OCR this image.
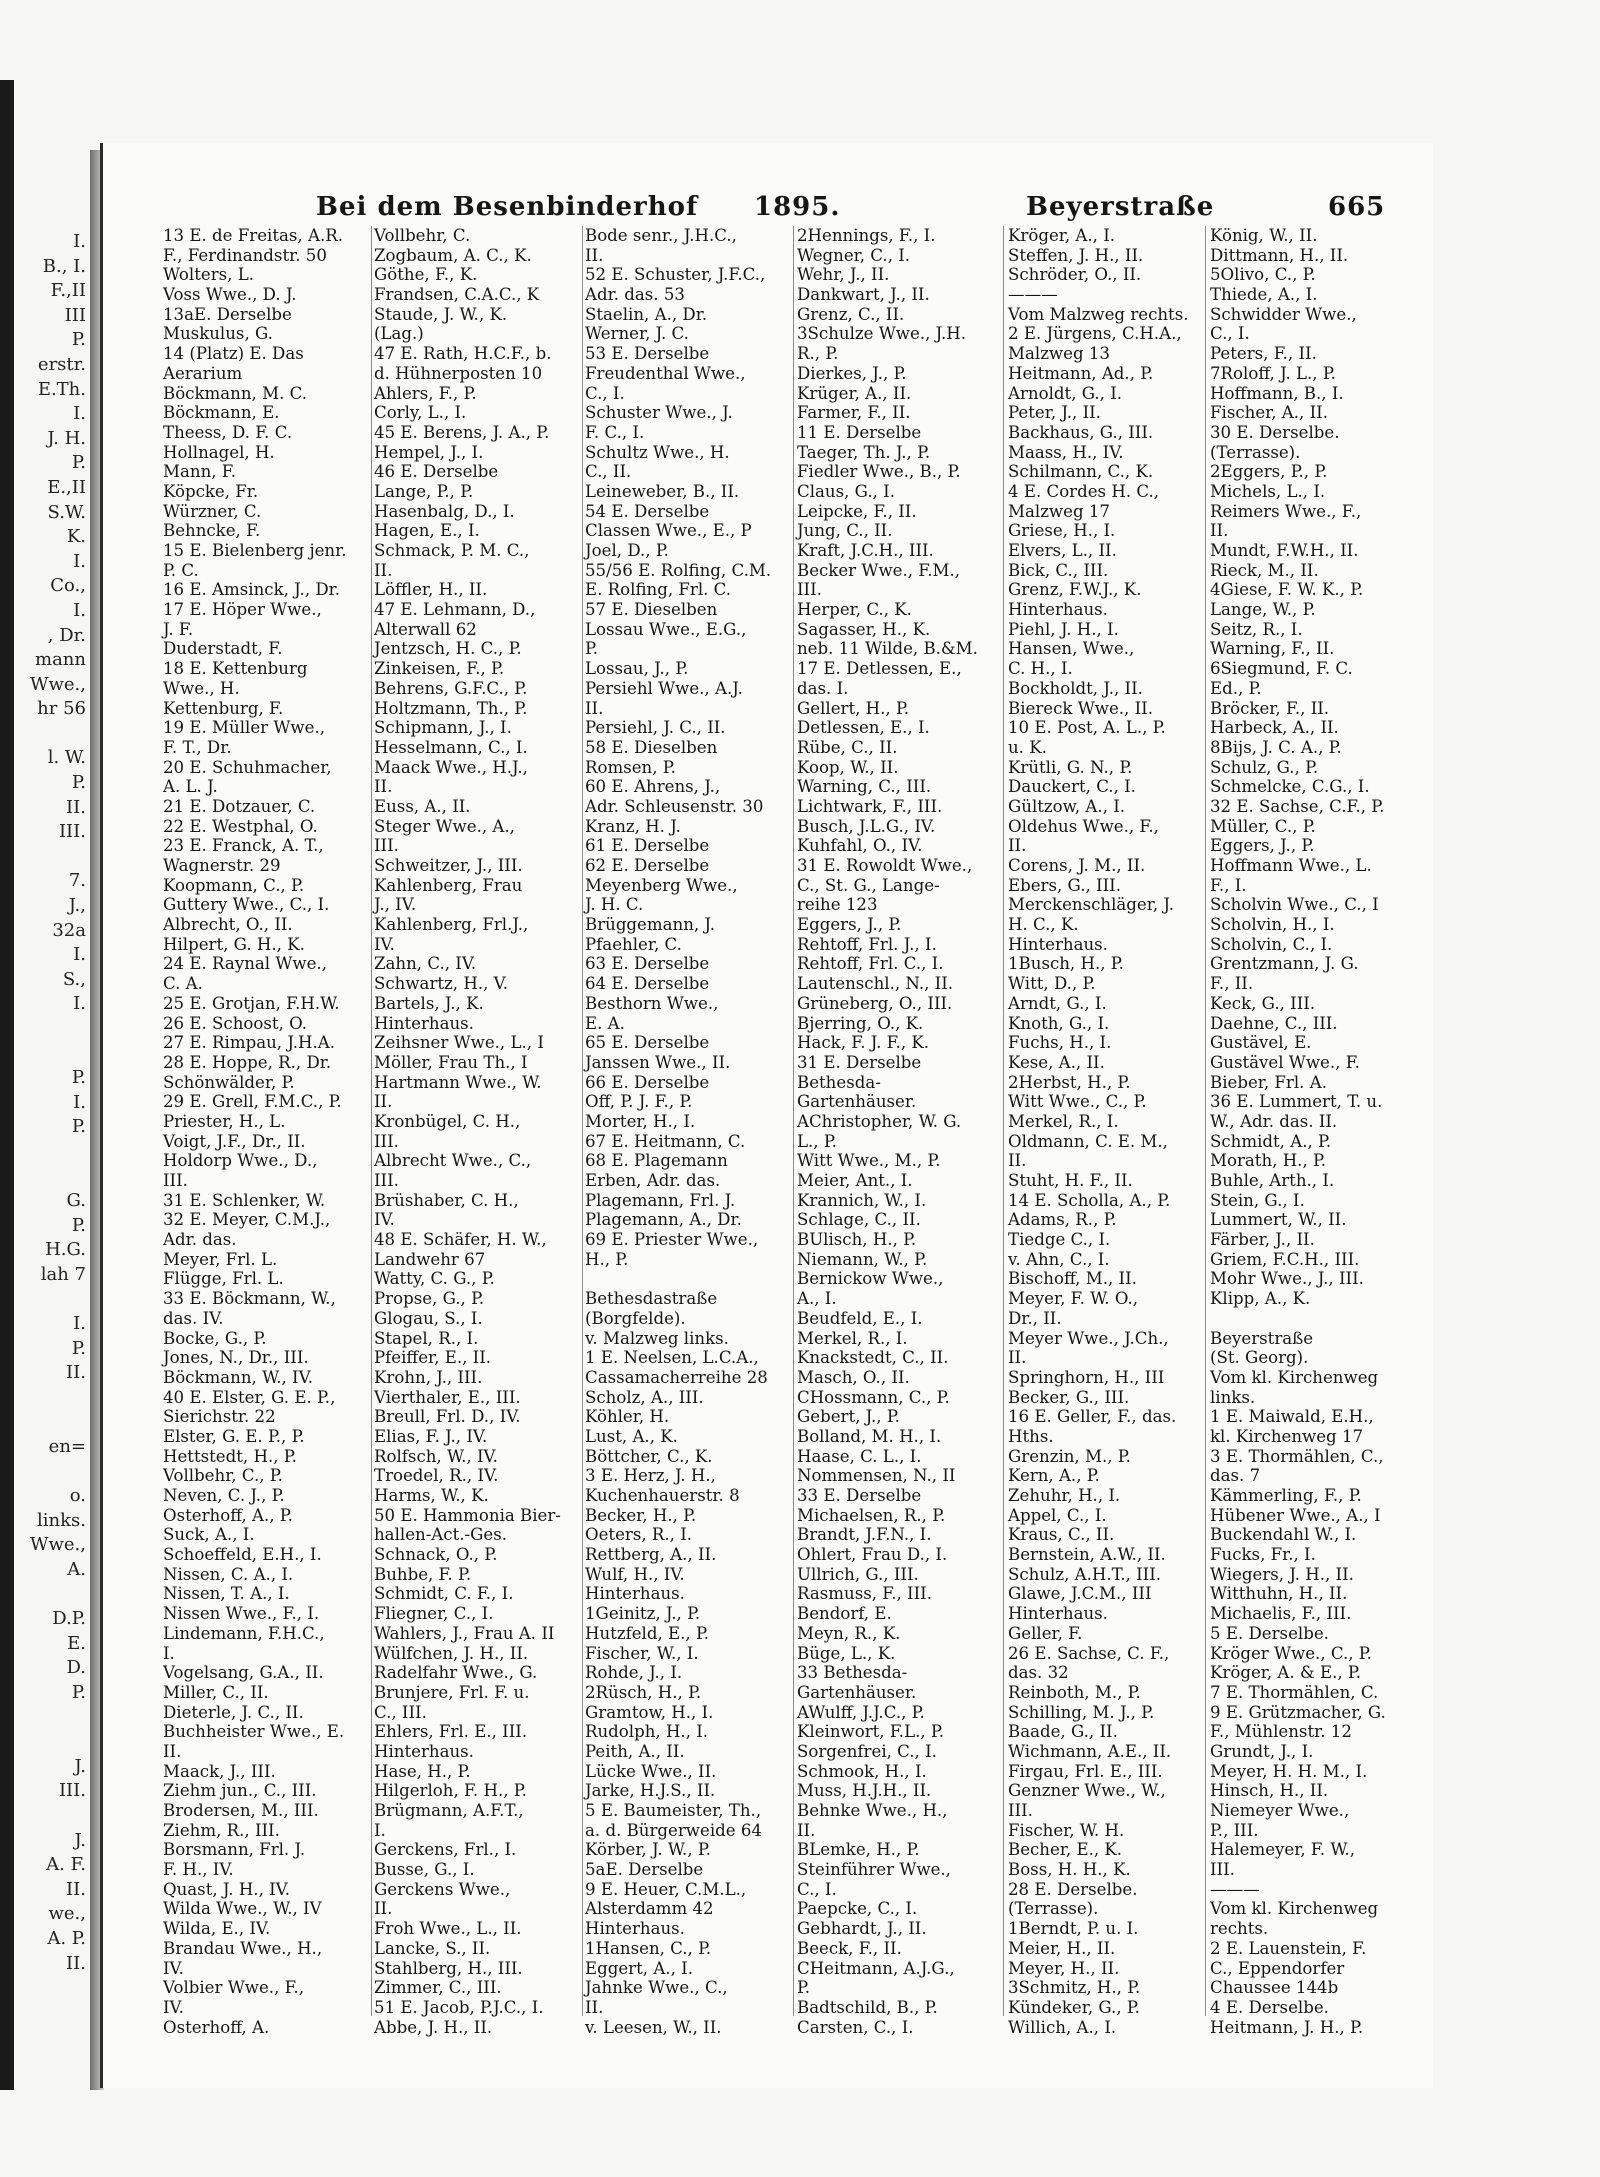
I.
B., I.
F.,II
III
P.
erstr.
E.Th.
I.
J. H.
P.
E.,II
S.W.
K.
I.
Co.,
I.
, Dr.
mann
Wwe.,
hr 56
l. W.
P.
II.
III.
7.
J.,
32a
I.
S.,
I.
P.
I.
P.
G.
P.
H.G.
lah 7
I.
P.
II.
en=
o.
links.
Wwe.,
A.
D.P.
E.
D.
P.
J.
III.
J.
A. F.
II.
we.,
A. P.
II.
Bei dem Besenbinderhof 1895.	Beyerstraße	665
13 E. de Freitas, A.R.
F., Ferdinandstr. 50
Wolters, L.
Voss Wwe., D. J.
13aE. Derselbe
Muskulus, G.
14 (Platz) E. Das
Aerarium
Böckmann, M. C.
Böckmann, E.
Theess, D. F. C.
Hollnagel, H.
Mann, F.
Köpcke, Fr.
Würzner, C.
Behncke, F.
15 E. Bielenberg jenr.
P. C.
16 E. Amsinck, J., Dr.
17 E. Höper Wwe.,
J. F.
Duderstadt, F.
18 E. Kettenburg
Wwe., H.
Kettenburg, F.
19 E. Müller Wwe.,
F. T., Dr.
20 E. Schuhmacher,
A. L. J.
21 E. Dotzauer, C.
22 E. Westphal, O.
23 E. Franck, A. T.,
Wagnerstr. 29
Koopmann, C., P.
Guttery Wwe., C., I.
Albrecht, O., II.
Hilpert, G. H., K.
24 E. Raynal Wwe.,
C. A.
25 E. Grotjan, F.H.W.
26 E. Schoost, O.
27 E. Rimpau, J.H.A.
28 E. Hoppe, R., Dr.
Schönwälder, P.
29 E. Grell, F.M.C., P.
Priester, H., L.
Voigt, J.F., Dr., II.
Holdorp Wwe., D.,
III.
31 E. Schlenker, W.
32 E. Meyer, C.M.J.,
Adr. das.
Meyer, Frl. L.
Flügge, Frl. L.
33 E. Böckmann, W.,
das. IV.
Bocke, G., P.
Jones, N., Dr., III.
Böckmann, W., IV.
40 E. Elster, G. E. P.,
Sierichstr. 22
Elster, G. E. P., P.
Hettstedt, H., P.
Vollbehr, C., P.
Neven, C. J., P.
Osterhoff, A., P.
Suck, A., I.
Schoeffeld, E.H., I.
Nissen, C. A., I.
Nissen, T. A., I.
Nissen Wwe., F., I.
Lindemann, F.H.C.,
I.
Vogelsang, G.A., II.
Miller, C., II.
Dieterle, J. C., II.
Buchheister Wwe., E.
II.
Maack, J., III.
Ziehm jun., C., III.
Brodersen, M., III.
Ziehm, R., III.
Borsmann, Frl. J.
F. H., IV.
Quast, J. H., IV.
Wilda Wwe., W., IV
Wilda, E., IV.
Brandau Wwe., H.,
IV.
Volbier Wwe., F.,
IV.
Osterhoff, A.
Vollbehr, C.
Zogbaum, A. C., K.
Göthe, F., K.
Frandsen, C.A.C., K
Staude, J. W., K.
(Lag.)
47 E. Rath, H.C.F., b.
d. Hühnerposten 10
Ahlers, F., P.
Corly, L., I.
45 E. Berens, J. A., P.
Hempel, J., I.
46 E. Derselbe
Lange, P., P.
Hasenbalg, D., I.
Hagen, E., I.
Schmack, P. M. C.,
II.
Löffler, H., II.
47 E. Lehmann, D.,
Alterwall 62
Jentzsch, H. C., P.
Zinkeisen, F., P.
Behrens, G.F.C., P.
Holtzmann, Th., P.
Schipmann, J., I.
Hesselmann, C., I.
Maack Wwe., H.J.,
II.
Euss, A., II.
Steger Wwe., A.,
III.
Schweitzer, J., III.
Kahlenberg, Frau
J., IV.
Kahlenberg, Frl.J.,
IV.
Zahn, C., IV.
Schwartz, H., V.
Bartels, J., K.
Hinterhaus.
Zeihsner Wwe., L., I
Möller, Frau Th., I
Hartmann Wwe., W.
II.
Kronbügel, C. H.,
III.
Albrecht Wwe., C.,
III.
Brüshaber, C. H.,
IV.
48 E. Schäfer, H. W.,
Landwehr 67
Watty, C. G., P.
Propse, G., P.
Glogau, S., I.
Stapel, R., I.
Pfeiffer, E., II.
Krohn, J., III.
Vierthaler, E., III.
Breull, Frl. D., IV.
Elias, F. J., IV.
Rolfsch, W., IV.
Troedel, R., IV.
Harms, W., K.
50 E. Hammonia Bier-
hallen-Act.-Ges.
Schnack, O., P.
Buhbe, F. P.
Schmidt, C. F., I.
Fliegner, C., I.
Wahlers, J., Frau A. II
Wülfchen, J. H., II.
Radelfahr Wwe., G.
Brunjere, Frl. F. u.
C., III.
Ehlers, Frl. E., III.
Hinterhaus.
Hase, H., P.
Hilgerloh, F. H., P.
Brügmann, A.F.T.,
I.
Gerckens, Frl., I.
Busse, G., I.
Gerckens Wwe.,
II.
Froh Wwe., L., II.
Lancke, S., II.
Stahlberg, H., III.
Zimmer, C., III.
51 E. Jacob, P.J.C., I.
Abbe, J. H., II.
Bode senr., J.H.C.,
II.
52 E. Schuster, J.F.C.,
Adr. das. 53
Staelin, A., Dr.
Werner, J. C.
53 E. Derselbe
Freudenthal Wwe.,
C., I.
Schuster Wwe., J.
F. C., I.
Schultz Wwe., H.
C., II.
Leineweber, B., II.
54 E. Derselbe
Classen Wwe., E., P
Joel, D., P.
55/56 E. Rolfing, C.M.
E. Rolfing, Frl. C.
57 E. Dieselben
Lossau Wwe., E.G.,
P.
Lossau, J., P.
Persiehl Wwe., A.J.
II.
Persiehl, J. C., II.
58 E. Dieselben
Romsen, P.
60 E. Ahrens, J.,
Adr. Schleusenstr. 30
Kranz, H. J.
61 E. Derselbe
62 E. Derselbe
Meyenberg Wwe.,
J. H. C.
Brüggemann, J.
Pfaehler, C.
63 E. Derselbe
64 E. Derselbe
Besthorn Wwe.,
E. A.
65 E. Derselbe
Janssen Wwe., II.
66 E. Derselbe
Off, P. J. F., P.
Morter, H., I.
67 E. Heitmann, C.
68 E. Plagemann
Erben, Adr. das.
Plagemann, Frl. J.
Plagemann, A., Dr.
69 E. Priester Wwe.,
H., P.
Bethesdastraße
(Borgfelde).
v. Malzweg links.
1 E. Neelsen, L.C.A.,
Cassamacherreihe 28
Scholz, A., III.
Köhler, H.
Lust, A., K.
Böttcher, C., K.
3 E. Herz, J. H.,
Kuchenhauerstr. 8
Becker, H., P.
Oeters, R., I.
Rettberg, A., II.
Wulf, H., IV.
Hinterhaus.
1Geinitz, J., P.
Hutzfeld, E., P.
Fischer, W., I.
Rohde, J., I.
2Rüsch, H., P.
Gramtow, H., I.
Rudolph, H., I.
Peith, A., II.
Lücke Wwe., II.
Jarke, H.J.S., II.
5 E. Baumeister, Th.,
a. d. Bürgerweide 64
Körber, J. W., P.
5aE. Derselbe
9 E. Heuer, C.M.L.,
Alsterdamm 42
Hinterhaus.
1Hansen, C., P.
Eggert, A., I.
Jahnke Wwe., C.,
II.
v. Leesen, W., II.
2Hennings, F., I.
Wegner, C., I.
Wehr, J., II.
Dankwart, J., II.
Grenz, C., II.
3Schulze Wwe., J.H.
R., P.
Dierkes, J., P.
Krüger, A., II.
Farmer, F., II.
11 E. Derselbe
Taeger, Th. J., P.
Fiedler Wwe., B., P.
Claus, G., I.
Leipcke, F., II.
Jung, C., II.
Kraft, J.C.H., III.
Becker Wwe., F.M.,
III.
Herper, C., K.
Sagasser, H., K.
neb. 11 Wilde, B.&M.
17 E. Detlessen, E.,
das. I.
Gellert, H., P.
Detlessen, E., I.
Rübe, C., II.
Koop, W., II.
Warning, C., III.
Lichtwark, F., III.
Busch, J.L.G., IV.
Kuhfahl, O., IV.
31 E. Rowoldt Wwe.,
C., St. G., Lange-
reihe 123
Eggers, J., P.
Rehtoff, Frl. J., I.
Rehtoff, Frl. C., I.
Lautenschl., N., II.
Grüneberg, O., III.
Bjerring, O., K.
Hack, F. J. F., K.
31 E. Derselbe
Bethesda-
Gartenhäuser.
AChristopher, W. G.
L., P.
Witt Wwe., M., P.
Meier, Ant., I.
Krannich, W., I.
Schlage, C., II.
BUlisch, H., P.
Niemann, W., P.
Bernickow Wwe.,
A., I.
Beudfeld, E., I.
Merkel, R., I.
Knackstedt, C., II.
Masch, O., II.
CHossmann, C., P.
Gebert, J., P.
Bolland, M. H., I.
Haase, C. L., I.
Nommensen, N., II
33 E. Derselbe
Michaelsen, R., P.
Brandt, J.F.N., I.
Ohlert, Frau D., I.
Ullrich, G., III.
Rasmuss, F., III.
Bendorf, E.
Meyn, R., K.
Büge, L., K.
33 Bethesda-
Gartenhäuser.
AWulff, J.J.C., P.
Kleinwort, F.L., P.
Sorgenfrei, C., I.
Schmook, H., I.
Muss, H.J.H., II.
Behnke Wwe., H.,
II.
BLemke, H., P.
Steinführer Wwe.,
C., I.
Paepcke, C., I.
Gebhardt, J., II.
Beeck, F., II.
CHeitmann, A.J.G.,
P.
Badtschild, B., P.
Carsten, C., I.
Kröger, A., I.
Steffen, J. H., II.
Schröder, O., II.
———
Vom Malzweg rechts.
2 E. Jürgens, C.H.A.,
Malzweg 13
Heitmann, Ad., P.
Arnoldt, G., I.
Peter, J., II.
Backhaus, G., III.
Maass, H., IV.
Schilmann, C., K.
4 E. Cordes H. C.,
Malzweg 17
Griese, H., I.
Elvers, L., II.
Bick, C., III.
Grenz, F.W.J., K.
Hinterhaus.
Piehl, J. H., I.
Hansen, Wwe.,
C. H., I.
Bockholdt, J., II.
Biereck Wwe., II.
10 E. Post, A. L., P.
u. K.
Krütli, G. N., P.
Dauckert, C., I.
Gültzow, A., I.
Oldehus Wwe., F.,
II.
Corens, J. M., II.
Ebers, G., III.
Merckenschläger, J.
H. C., K.
Hinterhaus.
1Busch, H., P.
Witt, D., P.
Arndt, G., I.
Knoth, G., I.
Fuchs, H., I.
Kese, A., II.
2Herbst, H., P.
Witt Wwe., C., P.
Merkel, R., I.
Oldmann, C. E. M.,
II.
Stuht, H. F., II.
14 E. Scholla, A., P.
Adams, R., P.
Tiedge C., I.
v. Ahn, C., I.
Bischoff, M., II.
Meyer, F. W. O.,
Dr., II.
Meyer Wwe., J.Ch.,
II.
Springhorn, H., III
Becker, G., III.
16 E. Geller, F., das.
Hths.
Grenzin, M., P.
Kern, A., P.
Zehuhr, H., I.
Appel, C., I.
Kraus, C., II.
Bernstein, A.W., II.
Schulz, A.H.T., III.
Glawe, J.C.M., III
Hinterhaus.
Geller, F.
26 E. Sachse, C. F.,
das. 32
Reinboth, M., P.
Schilling, M. J., P.
Baade, G., II.
Wichmann, A.E., II.
Firgau, Frl. E., III.
Genzner Wwe., W.,
III.
Fischer, W. H.
Becher, E., K.
Boss, H. H., K.
28 E. Derselbe.
(Terrasse).
1Berndt, P. u. I.
Meier, H., II.
Meyer, H., II.
3Schmitz, H., P.
Kündeker, G., P.
Willich, A., I.
König, W., II.
Dittmann, H., II.
5Olivo, C., P.
Thiede, A., I.
Schwidder Wwe.,
C., I.
Peters, F., II.
7Roloff, J. L., P.
Hoffmann, B., I.
Fischer, A., II.
30 E. Derselbe.
(Terrasse).
2Eggers, P., P.
Michels, L., I.
Reimers Wwe., F.,
II.
Mundt, F.W.H., II.
Rieck, M., II.
4Giese, F. W. K., P.
Lange, W., P.
Seitz, R., I.
Warning, F., II.
6Siegmund, F. C.
Ed., P.
Bröcker, F., II.
Harbeck, A., II.
8Bijs, J. C. A., P.
Schulz, G., P.
Schmelcke, C.G., I.
32 E. Sachse, C.F., P.
Müller, C., P.
Eggers, J., P.
Hoffmann Wwe., L.
F., I.
Scholvin Wwe., C., I
Scholvin, H., I.
Scholvin, C., I.
Grentzmann, J. G.
F., II.
Keck, G., III.
Daehne, C., III.
Gustävel, E.
Gustävel Wwe., F.
Bieber, Frl. A.
36 E. Lummert, T. u.
W., Adr. das. II.
Schmidt, A., P.
Morath, H., P.
Buhle, Arth., I.
Stein, G., I.
Lummert, W., II.
Färber, J., II.
Griem, F.C.H., III.
Mohr Wwe., J., III.
Klipp, A., K.
Beyerstraße
(St. Georg).
Vom kl. Kirchenweg
links.
1 E. Maiwald, E.H.,
kl. Kirchenweg 17
3 E. Thormählen, C.,
das. 7
Kämmerling, F., P.
Hübener Wwe., A., I
Buckendahl W., I.
Fucks, Fr., I.
Wiegers, J. H., II.
Witthuhn, H., II.
Michaelis, F., III.
5 E. Derselbe.
Kröger Wwe., C., P.
Kröger, A. & E., P.
7 E. Thormählen, C.
9 E. Grützmacher, G.
F., Mühlenstr. 12
Grundt, J., I.
Meyer, H. H. M., I.
Hinsch, H., II.
Niemeyer Wwe.,
P., III.
Halemeyer, F. W.,
III.
———
Vom kl. Kirchenweg
rechts.
2 E. Lauenstein, F.
C., Eppendorfer
Chaussee 144b
4 E. Derselbe.
Heitmann, J. H., P.
